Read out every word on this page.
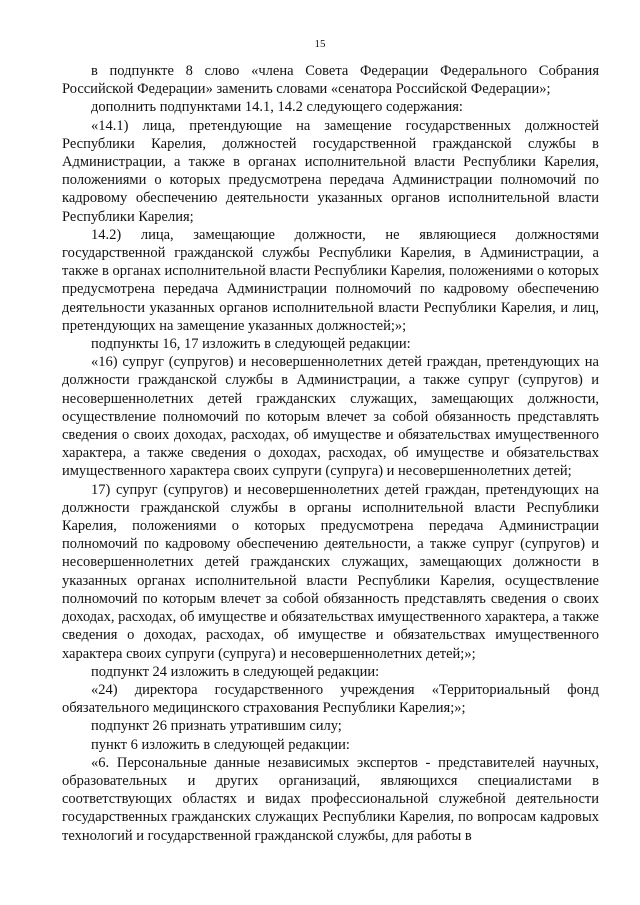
15

в подпункте 8 слово «члена Совета Федерации Федерального Собрания Российской Федерации» заменить словами «сенатора Российской Федерации»;

дополнить подпунктами 14.1, 14.2 следующего содержания:

«14.1) лица, претендующие на замещение государственных должностей Республики Карелия, должностей государственной гражданской службы в Администрации, а также в органах исполнительной власти Республики Карелия, положениями о которых предусмотрена передача Администрации полномочий по кадровому обеспечению деятельности указанных органов исполнительной власти Республики Карелия;

14.2) лица, замещающие должности, не являющиеся должностями государственной гражданской службы Республики Карелия, в Администрации, а также в органах исполнительной власти Республики Карелия, положениями о которых предусмотрена передача Администрации полномочий по кадровому обеспечению деятельности указанных органов исполнительной власти Республики Карелия, и лиц, претендующих на замещение указанных должностей;»;

подпункты 16, 17 изложить в следующей редакции:

«16) супруг (супругов) и несовершеннолетних детей граждан, претендующих на должности гражданской службы в Администрации, а также супруг (супругов) и несовершеннолетних детей гражданских служащих, замещающих должности, осуществление полномочий по которым влечет за собой обязанность представлять сведения о своих доходах, расходах, об имуществе и обязательствах имущественного характера, а также сведения о доходах, расходах, об имуществе и обязательствах имущественного характера своих супруги (супруга) и несовершеннолетних детей;

17) супруг (супругов) и несовершеннолетних детей граждан, претендующих на должности гражданской службы в органы исполнительной власти Республики Карелия, положениями о которых предусмотрена передача Администрации полномочий по кадровому обеспечению деятельности, а также супруг (супругов) и несовершеннолетних детей гражданских служащих, замещающих должности в указанных органах исполнительной власти Республики Карелия, осуществление полномочий по которым влечет за собой обязанность представлять сведения о своих доходах, расходах, об имуществе и обязательствах имущественного характера, а также сведения о доходах, расходах, об имуществе и обязательствах имущественного характера своих супруги (супруга) и несовершеннолетних детей;»;

подпункт 24 изложить в следующей редакции:

«24) директора государственного учреждения «Территориальный фонд обязательного медицинского страхования Республики Карелия;»;

подпункт 26 признать утратившим силу;

пункт 6 изложить в следующей редакции:

«6. Персональные данные независимых экспертов - представителей научных, образовательных и других организаций, являющихся специалистами в соответствующих областях и видах профессиональной служебной деятельности государственных гражданских служащих Республики Карелия, по вопросам кадровых технологий и государственной гражданской службы, для работы в
